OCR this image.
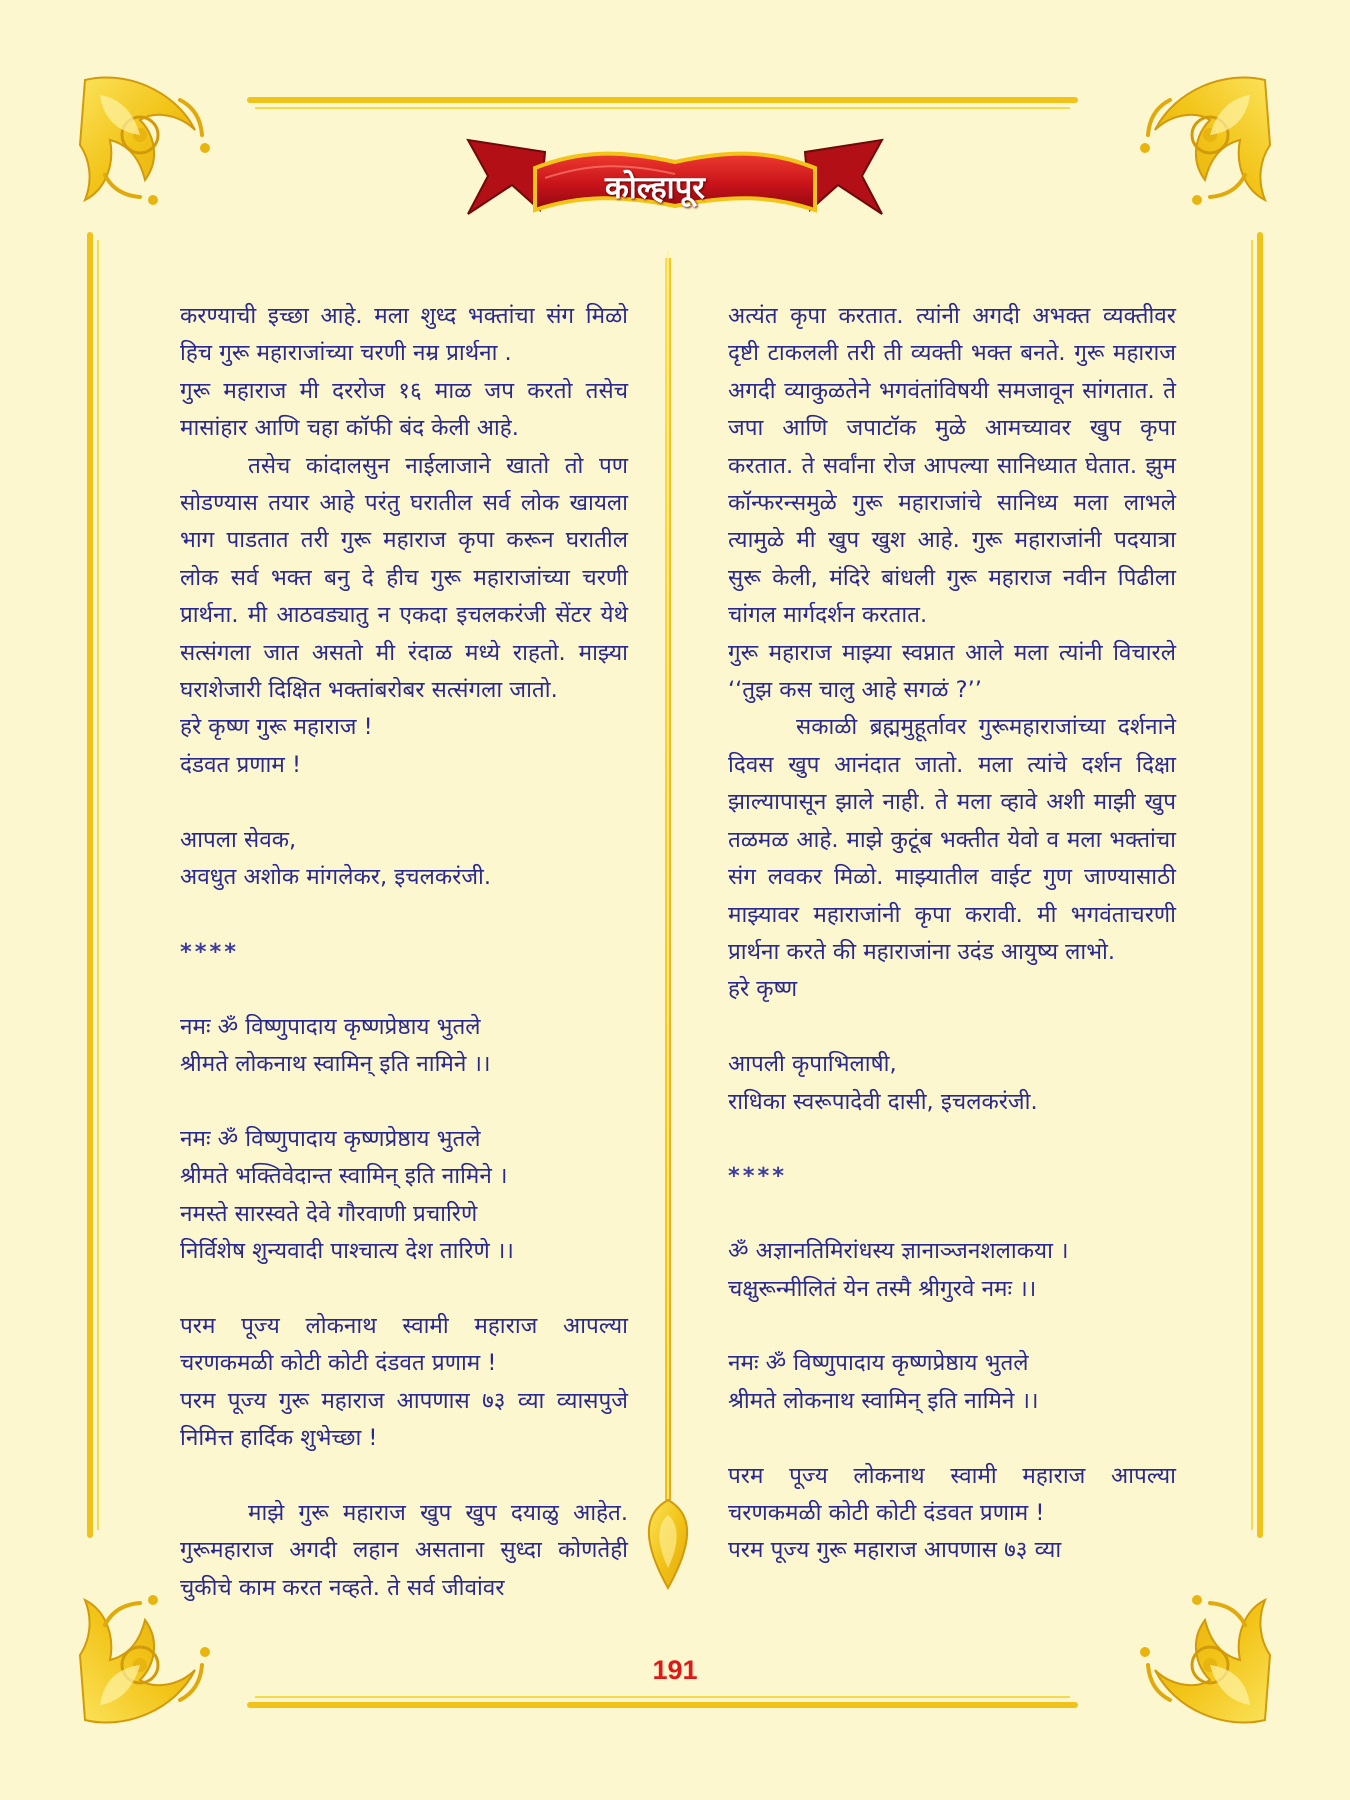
कोल्हापूर

करण्याची इच्छा आहे. मला शुध्द भक्तांचा संग मिळो हिच गुरू महाराजांच्या चरणी नम्र प्रार्थना .

गुरू महाराज मी दररोज १६ माळ जप करतो तसेच मासांहार आणि चहा कॉफी बंद केली आहे.

तसेच कांदालसुन नाईलाजाने खातो तो पण सोडण्यास तयार आहे परंतु घरातील सर्व लोक खायला भाग पाडतात तरी गुरू महाराज कृपा करून घरातील लोक सर्व भक्त बनु दे हीच गुरू महाराजांच्या चरणी प्रार्थना. मी आठवड्यातु न एकदा इचलकरंजी सेंटर येथे सत्संगला जात असतो मी रंदाळ मध्ये राहतो. माझ्या घराशेजारी दिक्षित भक्तांबरोबर सत्संगला जातो.

हरे कृष्ण गुरू महाराज !

दंडवत प्रणाम !

आपला सेवक,

अवधुत अशोक मांगलेकर, इचलकरंजी.

****

नमः ॐ विष्णुपादाय कृष्णप्रेष्ठाय भुतले

श्रीमते लोकनाथ स्वामिन् इति नामिने ।।

नमः ॐ विष्णुपादाय कृष्णप्रेष्ठाय भुतले

श्रीमते भक्तिवेदान्त स्वामिन् इति नामिने ।

नमस्ते सारस्वते देवे गौरवाणी प्रचारिणे

निर्विशेष शुन्यवादी पाश्चात्य देश तारिणे ।।

परम पूज्य लोकनाथ स्वामी महाराज आपल्या चरणकमळी कोटी कोटी दंडवत प्रणाम !

परम पूज्य गुरू महाराज आपणास ७३ व्या व्यासपुजे निमित्त हार्दिक शुभेच्छा !

माझे गुरू महाराज खुप खुप दयाळु आहेत. गुरूमहाराज अगदी लहान असताना सुध्दा कोणतेही चुकीचे काम करत नव्हते. ते सर्व जीवांवर

अत्यंत कृपा करतात. त्यांनी अगदी अभक्त व्यक्तीवर दृष्टी टाकलली तरी ती व्यक्ती भक्त बनते. गुरू महाराज अगदी व्याकुळतेने भगवंतांविषयी समजावून सांगतात. ते जपा आणि जपाटॉक मुळे आमच्यावर खुप कृपा करतात. ते सर्वांना रोज आपल्या सानिध्यात घेतात. झुम कॉन्फरन्समुळे गुरू महाराजांचे सानिध्य मला लाभले त्यामुळे मी खुप खुश आहे. गुरू महाराजांनी पदयात्रा सुरू केली, मंदिरे बांधली गुरू महाराज नवीन पिढीला चांगल मार्गदर्शन करतात.

गुरू महाराज माझ्या स्वप्नात आले मला त्यांनी विचारले ‘‘तुझ कस चालु आहे सगळं ?’’

सकाळी ब्रह्ममुहूर्तावर गुरूमहाराजांच्या दर्शनाने दिवस खुप आनंदात जातो. मला त्यांचे दर्शन दिक्षा झाल्यापासून झाले नाही. ते मला व्हावे अशी माझी खुप तळमळ आहे. माझे कुटूंब भक्तीत येवो व मला भक्तांचा संग लवकर मिळो. माझ्यातील वाईट गुण जाण्यासाठी माझ्यावर महाराजांनी कृपा करावी. मी भगवंताचरणी प्रार्थना करते की महाराजांना उदंड आयुष्य लाभो.

हरे कृष्ण

आपली कृपाभिलाषी,

राधिका स्वरूपादेवी दासी, इचलकरंजी.

****

ॐ अज्ञानतिमिरांधस्य ज्ञानाञ्जनशलाकया ।

चक्षुरून्मीलितं येन तस्मै श्रीगुरवे नमः ।।

नमः ॐ विष्णुपादाय कृष्णप्रेष्ठाय भुतले

श्रीमते लोकनाथ स्वामिन् इति नामिने ।।

परम पूज्य लोकनाथ स्वामी महाराज आपल्या चरणकमळी कोटी कोटी दंडवत प्रणाम !

परम पूज्य गुरू महाराज आपणास ७३ व्या

191
